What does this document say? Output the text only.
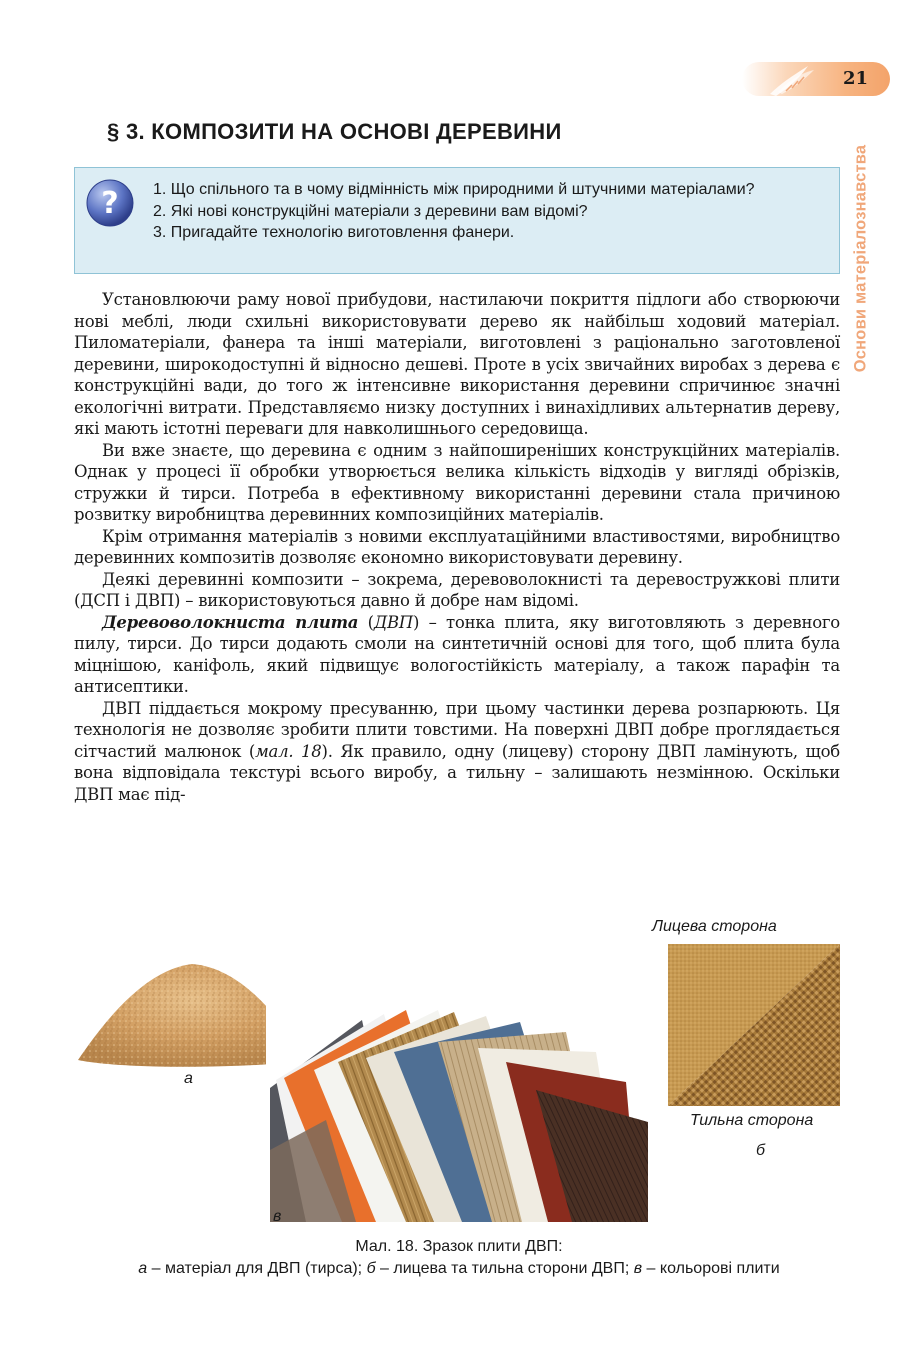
21
Основи матеріалознавства
§ 3. КОМПОЗИТИ НА ОСНОВІ ДЕРЕВИНИ
? 1. Що спільного та в чому відмінність між природними й штучними матеріалами?
2. Які нові конструкційні матеріали з деревини вам відомі?
3. Пригадайте технологію виготовлення фанери.

Установлюючи раму нової прибудови, настилаючи покриття підлоги або створюючи нові меблі, люди схильні використовувати дерево як найбільш ходовий матеріал. Пиломатеріали, фанера та інші матеріали, виготовлені з раціонально заготовленої деревини, широкодоступні й відносно дешеві. Проте в усіх звичайних виробах з дерева є конструкційні вади, до того ж інтенсивне використання деревини спричинює значні екологічні витрати. Представляємо низку доступних і винахідливих альтернатив дереву, які мають істотні переваги для навколишнього середовища.

Ви вже знаєте, що деревина є одним з найпоширеніших конструкційних матеріалів. Однак у процесі її обробки утворюється велика кількість відходів у вигляді обрізків, стружки й тирси. Потреба в ефективному використанні деревини стала причиною розвитку виробництва деревинних композиційних матеріалів.

Крім отримання матеріалів з новими експлуатаційними властивостями, виробництво деревинних композитів дозволяє економно використовувати деревину.

Деякі деревинні композити – зокрема, деревоволокнисті та деревостружкові плити (ДСП і ДВП) – використовуються давно й добре нам відомі.

Деревоволокниста плита (ДВП) – тонка плита, яку виготовляють з деревного пилу, тирси. До тирси додають смоли на синтетичній основі для того, щоб плита була міцнішою, каніфоль, який підвищує вологостійкість матеріалу, а також парафін та антисептики.

ДВП піддається мокрому пресуванню, при цьому частинки дерева розпарюють. Ця технологія не дозволяє зробити плити товстими. На поверхні ДВП добре проглядається сітчастий малюнок (мал. 18). Як правило, одну (лицеву) сторону ДВП ламінують, щоб вона відповідала текстурі всього виробу, а тильну – залишають незмінною. Оскільки ДВП має під-

а
в
Лицева сторона
Тильна сторона
б
Мал. 18. Зразок плити ДВП:
а – матеріал для ДВП (тирса); б – лицева та тильна сторони ДВП; в – кольорові плити
